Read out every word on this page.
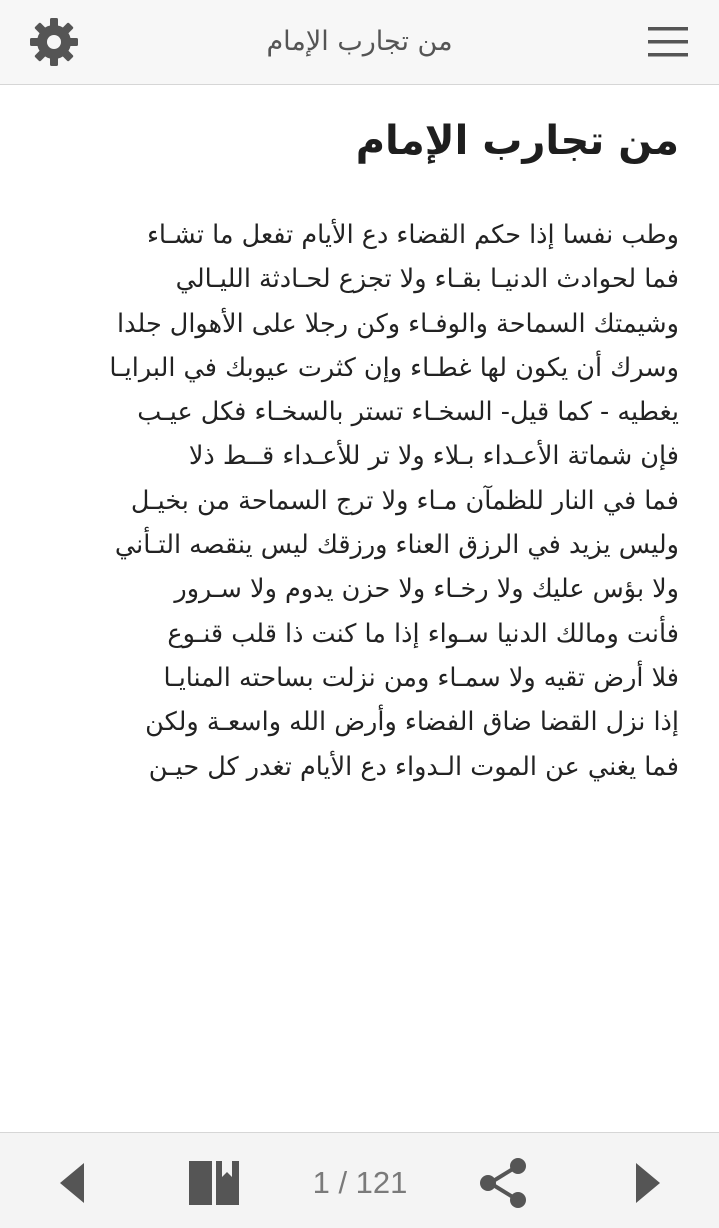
من تجارب الإمام
من تجارب الإمام
وطب نفسا إذا حكم القضاء دع الأيام تفعل ما تشـاء
فما لحوادث الدنيـا بقـاء ولا تجزع لحـادثة الليـالي
وشيمتك السماحة والوفـاء وكن رجلا على الأهوال جلدا
وسرك أن يكون لها غطـاء وإن كثرت عيوبك في البرايـا
يغطيه - كما قيل- السخـاء تستر بالسخـاء فكل عيـب
فإن شماتة الأعـداء بـلاء ولا تر للأعـداء قــط ذلا
فما في النار للظمآن مـاء ولا ترج السماحة من بخيـل
وليس يزيد في الرزق العناء ورزقك ليس ينقصه التـأني
ولا بؤس عليك ولا رخـاء ولا حزن يدوم ولا سـرور
فأنت ومالك الدنيا سـواء إذا ما كنت ذا قلب قنـوع
فلا أرض تقيه ولا سمـاء ومن نزلت بساحته المنايـا
إذا نزل القضا ضاق الفضاء وأرض الله واسعـة ولكن
فما يغني عن الموت الـدواء دع الأيام تغدر كل حيـن
1 / 121
